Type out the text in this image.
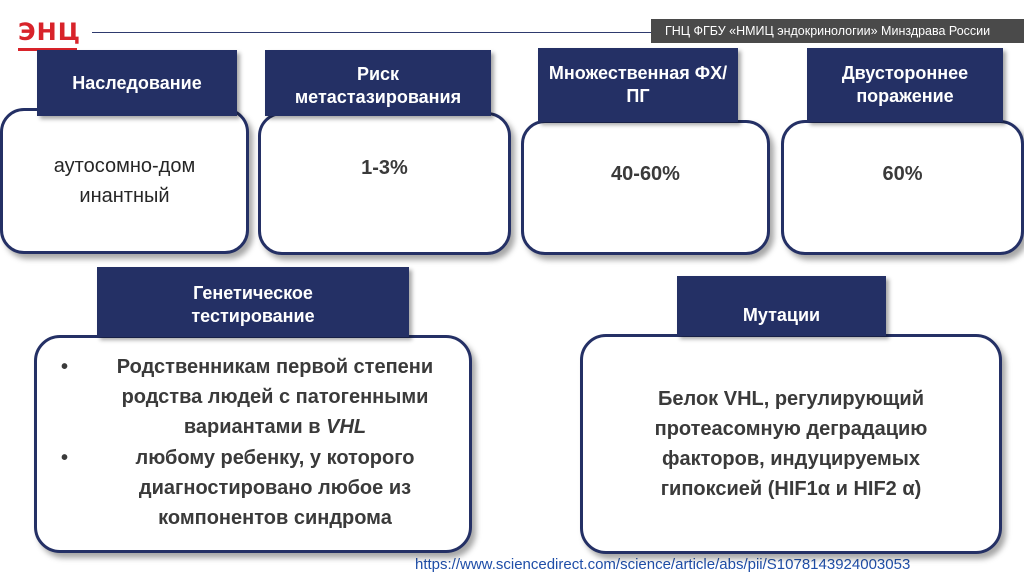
ЭНЦ	ГНЦ ФГБУ «НМИЦ эндокринологии» Минздрава России
Наследование
аутосомно-доминантный
Риск метастазирования
1-3%
Множественная ФХ/ПГ
40-60%
Двустороннее поражение
60%
Генетическое тестирование
• Родственникам первой степени родства людей с патогенными вариантами в VHL
•	любому ребенку, у которого диагностировано любое из компонентов синдрома
Мутации
Белок VHL, регулирующий протеасомную деградацию факторов, индуцируемых гипоксией (HIF1α и HIF2 α)
https://www.sciencedirect.com/science/article/abs/pii/S1078143924003053
